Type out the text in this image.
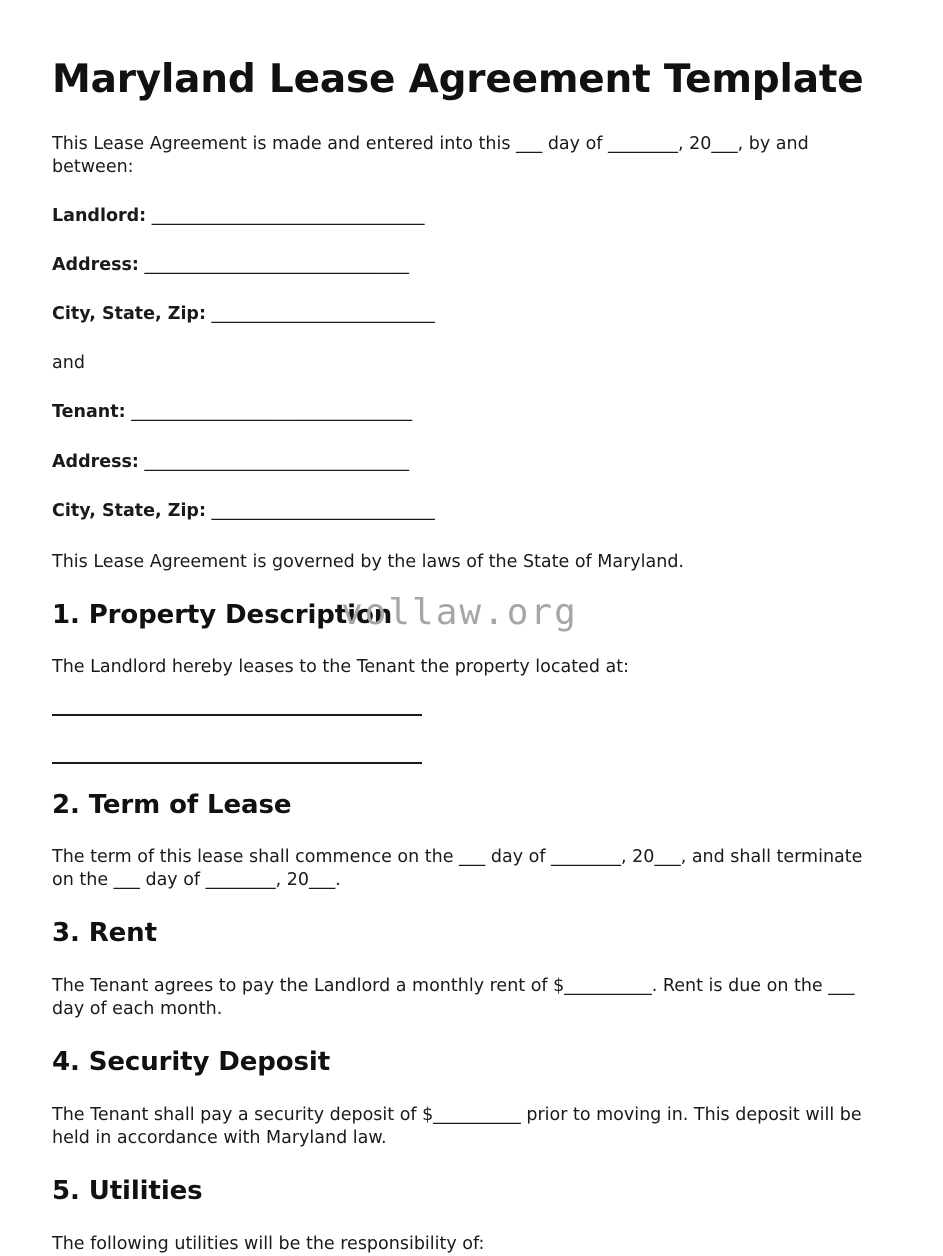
vollaw.org
Maryland Lease Agreement Template

This Lease Agreement is made and entered into this ___ day of ________, 20___, by and between:

Landlord: _________________________________

Address: ________________________________

City, State, Zip: ___________________________

and

Tenant: __________________________________

Address: ________________________________

City, State, Zip: ___________________________

This Lease Agreement is governed by the laws of the State of Maryland.

1. Property Description

The Landlord hereby leases to the Tenant the property located at:

2. Term of Lease

The term of this lease shall commence on the ___ day of ________, 20___, and shall terminate on the ___ day of ________, 20___.

3. Rent

The Tenant agrees to pay the Landlord a monthly rent of $__________. Rent is due on the ___ day of each month.

4. Security Deposit

The Tenant shall pay a security deposit of $__________ prior to moving in. This deposit will be held in accordance with Maryland law.

5. Utilities

The following utilities will be the responsibility of:
